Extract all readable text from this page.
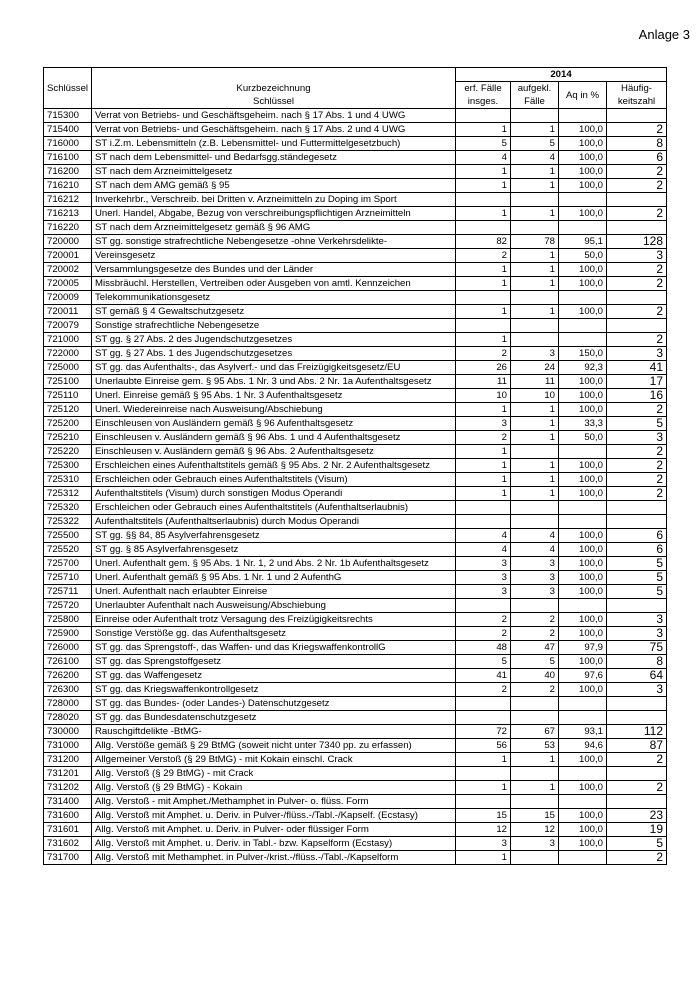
Anlage 3
Schlüssel	Kurzbezeichnung
Schlüssel	2014			
		erf. Fälle insges.	aufgekl. Fälle	Aq in %	Häufig-keitszahl
715300	Verrat von Betriebs- und Geschäftsgeheim. nach § 17 Abs. 1 und 4 UWG				
715400	Verrat von Betriebs- und Geschäftsgeheim. nach § 17 Abs. 2 und 4 UWG	1	1	100,0	2
716000	ST i.Z.m. Lebensmitteln (z.B. Lebensmittel- und Futtermittelgesetzbuch)	5	5	100,0	8
716100	ST nach dem Lebensmittel- und Bedarfsgg.ständegesetz	4	4	100,0	6
716200	ST nach dem Arzneimittelgesetz	1	1	100,0	2
716210	ST nach dem AMG gemäß § 95	1	1	100,0	2
716212	Inverkehrbr., Verschreib. bei Dritten v. Arzneimitteln zu Doping im Sport				
716213	Unerl. Handel, Abgabe, Bezug von verschreibungspflichtigen Arzneimitteln	1	1	100,0	2
716220	ST nach dem Arzneimittelgesetz gemäß § 96 AMG				
720000	ST gg. sonstige strafrechtliche Nebengesetze -ohne Verkehrsdelikte-	82	78	95,1	128
720001	Vereinsgesetz	2	1	50,0	3
720002	Versammlungsgesetze des Bundes und der Länder	1	1	100,0	2
720005	Missbräuchl. Herstellen, Vertreiben oder Ausgeben von amtl. Kennzeichen	1	1	100,0	2
720009	Telekommunikationsgesetz				
720011	ST gemäß § 4 Gewaltschutzgesetz	1	1	100,0	2
720079	Sonstige strafrechtliche Nebengesetze				
721000	ST gg. § 27 Abs. 2 des Jugendschutzgesetzes	1			2
722000	ST gg. § 27 Abs. 1 des Jugendschutzgesetzes	2	3	150,0	3
725000	ST gg. das Aufenthalts-, das Asylverf.- und das Freizügigkeitsgesetz/EU	26	24	92,3	41
725100	Unerlaubte Einreise gem. § 95 Abs. 1 Nr. 3 und Abs. 2 Nr. 1a Aufenthaltsgesetz	11	11	100,0	17
725110	Unerl. Einreise gemäß § 95 Abs. 1 Nr. 3 Aufenthaltsgesetz	10	10	100,0	16
725120	Unerl. Wiedereinreise nach Ausweisung/Abschiebung	1	1	100,0	2
725200	Einschleusen von Ausländern gemäß § 96 Aufenthaltsgesetz	3	1	33,3	5
725210	Einschleusen v. Ausländern gemäß § 96 Abs. 1 und 4 Aufenthaltsgesetz	2	1	50,0	3
725220	Einschleusen v. Ausländern gemäß § 96 Abs. 2 Aufenthaltsgesetz	1			2
725300	Erschleichen eines Aufenthaltstitels gemäß § 95 Abs. 2 Nr. 2 Aufenthaltsgesetz	1	1	100,0	2
725310	Erschleichen oder Gebrauch eines Aufenthaltstitels (Visum)	1	1	100,0	2
725312	Aufenthaltstitels (Visum) durch sonstigen Modus Operandi	1	1	100,0	2
725320	Erschleichen oder Gebrauch eines Aufenthaltstitels (Aufenthaltserlaubnis)				
725322	Aufenthaltstitels (Aufenthaltserlaubnis) durch Modus Operandi				
725500	ST gg. §§ 84, 85 Asylverfahrensgesetz	4	4	100,0	6
725520	ST gg. § 85 Asylverfahrensgesetz	4	4	100,0	6
725700	Unerl. Aufenthalt gem. § 95 Abs. 1 Nr. 1, 2 und Abs. 2 Nr. 1b Aufenthaltsgesetz	3	3	100,0	5
725710	Unerl. Aufenthalt gemäß § 95 Abs. 1 Nr. 1 und 2 AufenthG	3	3	100,0	5
725711	Unerl. Aufenthalt nach erlaubter Einreise	3	3	100,0	5
725720	Unerlaubter Aufenthalt nach Ausweisung/Abschiebung				
725800	Einreise oder Aufenthalt trotz Versagung des Freizügigkeitsrechts	2	2	100,0	3
725900	Sonstige Verstöße gg. das Aufenthaltsgesetz	2	2	100,0	3
726000	ST gg. das Sprengstoff-, das Waffen- und das KriegswaffenkontrollG	48	47	97,9	75
726100	ST gg. das Sprengstoffgesetz	5	5	100,0	8
726200	ST gg. das Waffengesetz	41	40	97,6	64
726300	ST gg. das Kriegswaffenkontrollgesetz	2	2	100,0	3
728000	ST gg. das Bundes- (oder Landes-) Datenschutzgesetz				
728020	ST gg. das Bundesdatenschutzgesetz				
730000	Rauschgiftdelikte -BtMG-	72	67	93,1	112
731000	Allg. Verstöße gemäß § 29 BtMG (soweit nicht unter 7340 pp. zu erfassen)	56	53	94,6	87
731200	Allgemeiner Verstoß (§ 29 BtMG) - mit Kokain einschl. Crack	1	1	100,0	2
731201	Allg. Verstoß (§ 29 BtMG) - mit Crack				
731202	Allg. Verstoß (§ 29 BtMG) - Kokain	1	1	100,0	2
731400	Allg. Verstoß - mit Amphet./Methamphet in Pulver- o. flüss. Form				
731600	Allg. Verstoß mit Amphet. u. Deriv. in Pulver-/flüss.-/Tabl.-/Kapself. (Ecstasy)	15	15	100,0	23
731601	Allg. Verstoß mit Amphet. u. Deriv. in Pulver- oder flüssiger Form	12	12	100,0	19
731602	Allg. Verstoß mit Amphet. u. Deriv. in Tabl.- bzw. Kapselform (Ecstasy)	3	3	100,0	5
731700	Allg. Verstoß mit Methamphet. in Pulver-/krist.-/flüss.-/Tabl.-/Kapselform	1			2
